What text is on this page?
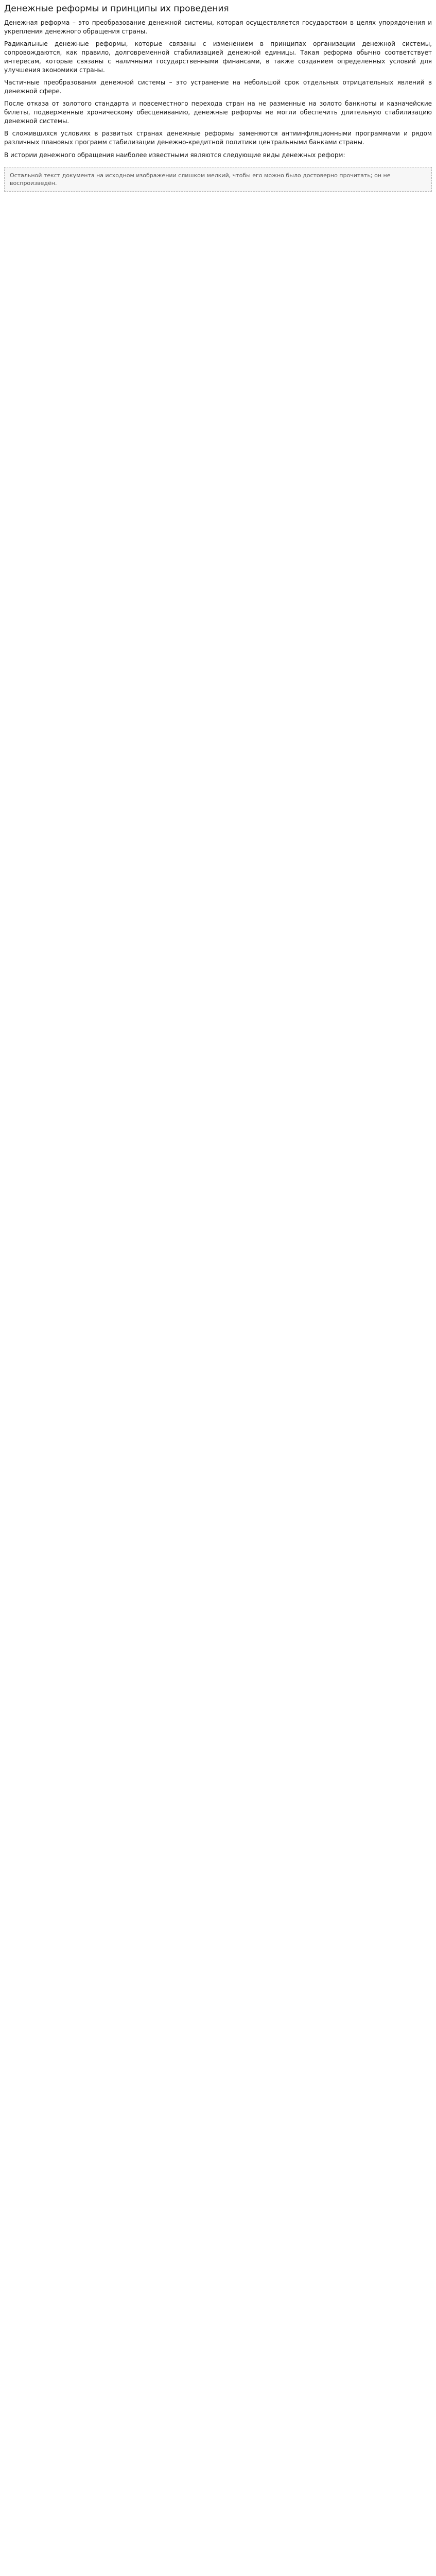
Денежные реформы и принципы их проведения

Денежная реформа – это преобразование денежной системы, которая осуществляется государством в целях упорядочения и укрепления денежного обращения страны.

Радикальные денежные реформы, которые связаны с изменением в принципах организации денежной системы, сопровождаются, как правило, долговременной стабилизацией денежной единицы. Такая реформа обычно соответствует интересам, которые связаны с наличными государственными финансами, в также созданием определенных условий для улучшения экономики страны.

Частичные преобразования денежной системы – это устранение на небольшой срок отдельных отрицательных явлений в денежной сфере.

После отказа от золотого стандарта и повсеместного перехода стран на не разменные на золото банкноты и казначейские билеты, подверженные хроническому обесцениванию, денежные реформы не могли обеспечить длительную стабилизацию денежной системы.

В сложившихся условиях в развитых странах денежные реформы заменяются антиинфляционными программами и рядом различных плановых программ стабилизации денежно-кредитной политики центральными банками страны.

В истории денежного обращения наиболее известными являются следующие виды денежных реформ:

Остальной текст документа на исходном изображении слишком мелкий, чтобы его можно было достоверно прочитать; он не воспроизведён.
